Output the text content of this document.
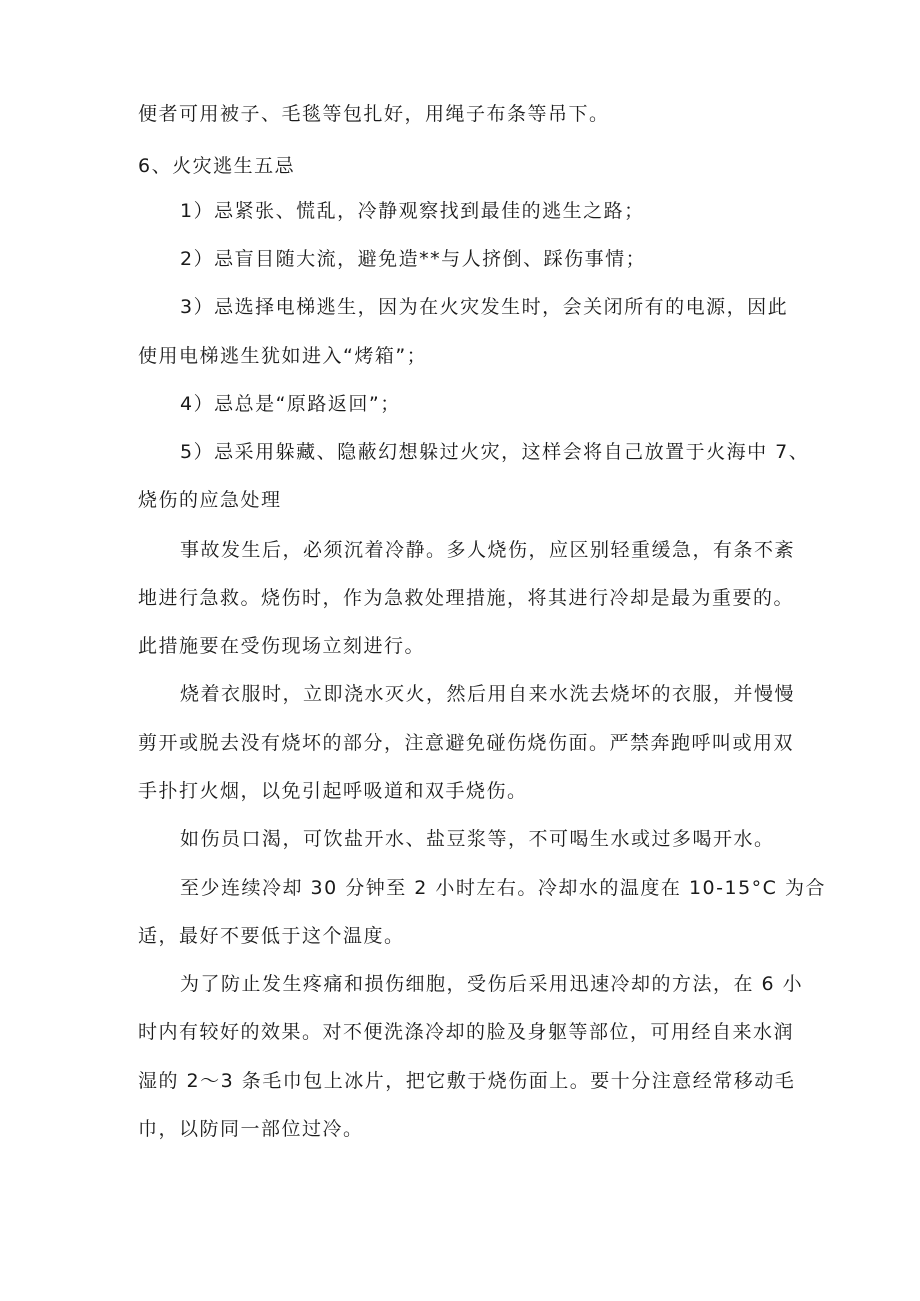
便者可用被子、毛毯等包扎好，用绳子布条等吊下。
6、火灾逃生五忌
1）忌紧张、慌乱，冷静观察找到最佳的逃生之路；
2）忌盲目随大流，避免造**与人挤倒、踩伤事情；
3）忌选择电梯逃生，因为在火灾发生时，会关闭所有的电源，因此
使用电梯逃生犹如进入“烤箱”；
4）忌总是“原路返回”；
5）忌采用躲藏、隐蔽幻想躲过火灾，这样会将自己放置于火海中 7、
烧伤的应急处理
事故发生后，必须沉着冷静。多人烧伤，应区别轻重缓急，有条不紊
地进行急救。烧伤时，作为急救处理措施，将其进行冷却是最为重要的。
此措施要在受伤现场立刻进行。
烧着衣服时，立即浇水灭火，然后用自来水洗去烧坏的衣服，并慢慢
剪开或脱去没有烧坏的部分，注意避免碰伤烧伤面。严禁奔跑呼叫或用双
手扑打火烟，以免引起呼吸道和双手烧伤。
如伤员口渴，可饮盐开水、盐豆浆等，不可喝生水或过多喝开水。
至少连续冷却 30 分钟至 2 小时左右。冷却水的温度在 10-15°C 为合
适，最好不要低于这个温度。
为了防止发生疼痛和损伤细胞，受伤后采用迅速冷却的方法，在 6 小
时内有较好的效果。对不便洗涤冷却的脸及身躯等部位，可用经自来水润
湿的 2～3 条毛巾包上冰片，把它敷于烧伤面上。要十分注意经常移动毛
巾，以防同一部位过冷。
